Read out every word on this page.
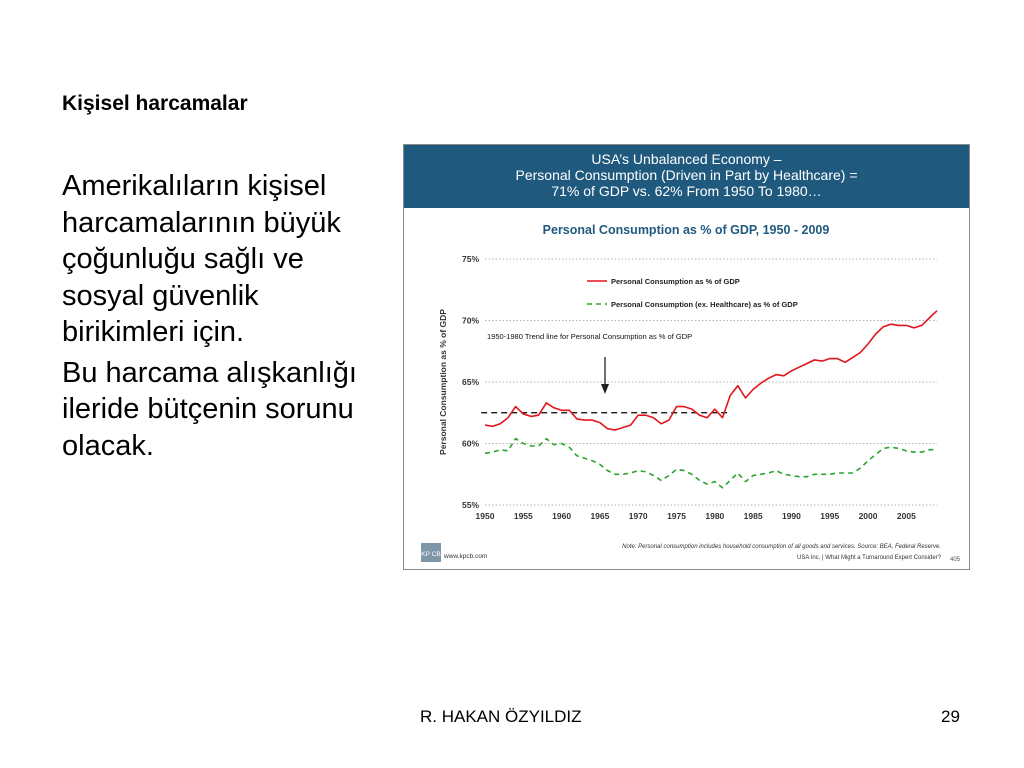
Kişisel harcamalar

Amerikalıların kişisel harcamalarının büyük çoğunluğu sağlı ve sosyal güvenlik birikimleri için.

Bu harcama alışkanlığı ileride bütçenin sorunu olacak.

USA’s Unbalanced Economy –
Personal Consumption (Driven in Part by Healthcare) =
71% of GDP vs. 62% From 1950 To 1980…
Personal Consumption as % of GDP, 1950 - 2009
55%
60%
65%
70%
75%
1950 1955 1960 1965 1970 1975 1980 1985 1990 1995 2000 2005
Personal Consumption as % of GDP	1950-1980 Trend line for Personal Consumption as % of GDP
Personal Consumption as % of GDP
Personal Consumption (ex. Healthcare) as % of GDP
KP CB www.kpcb.com
Note: Personal consumption includes household consumption of all goods and services. Source: BEA, Federal Reserve.
USA Inc. | What Might a Turnaround Expert Consider? 405
R. HAKAN ÖZYILDIZ	29
